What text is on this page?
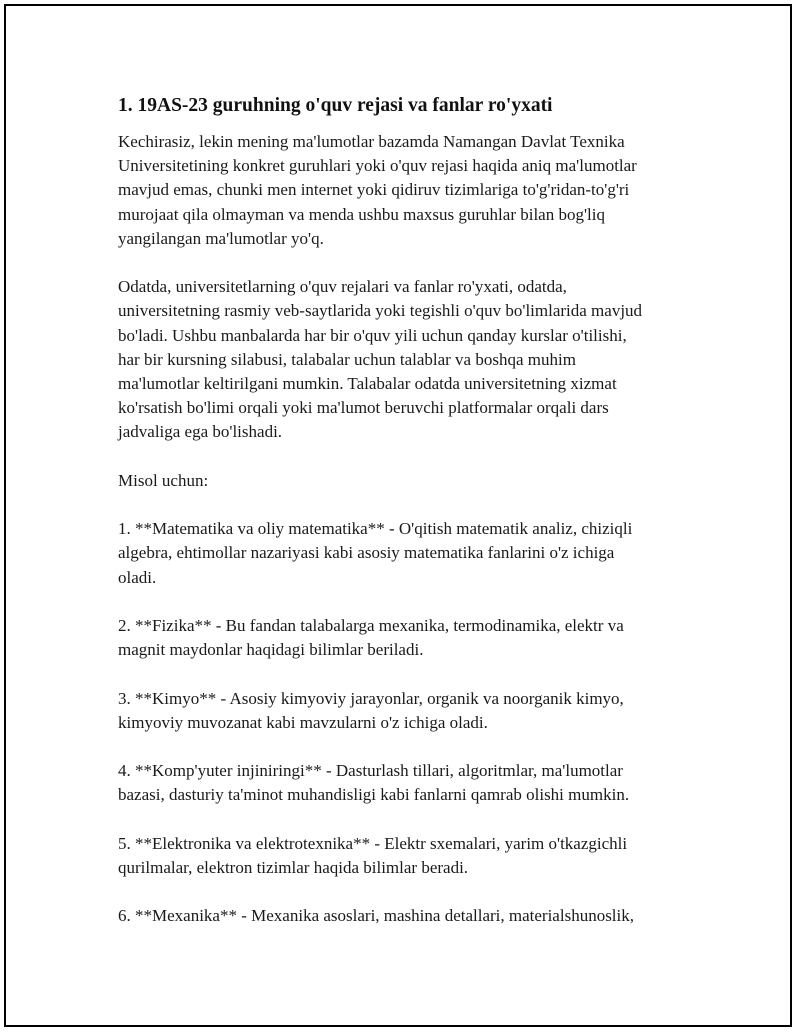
1. 19AS-23 guruhning o'quv rejasi va fanlar ro'yxati

Kechirasiz, lekin mening ma'lumotlar bazamda Namangan Davlat Texnika
Universitetining konkret guruhlari yoki o'quv rejasi haqida aniq ma'lumotlar
mavjud emas, chunki men internet yoki qidiruv tizimlariga to'g'ridan-to'g'ri
murojaat qila olmayman va menda ushbu maxsus guruhlar bilan bog'liq
yangilangan ma'lumotlar yo'q.

Odatda, universitetlarning o'quv rejalari va fanlar ro'yxati, odatda,
universitetning rasmiy veb-saytlarida yoki tegishli o'quv bo'limlarida mavjud
bo'ladi. Ushbu manbalarda har bir o'quv yili uchun qanday kurslar o'tilishi,
har bir kursning silabusi, talabalar uchun talablar va boshqa muhim
ma'lumotlar keltirilgani mumkin. Talabalar odatda universitetning xizmat
ko'rsatish bo'limi orqali yoki ma'lumot beruvchi platformalar orqali dars
jadvaliga ega bo'lishadi.

Misol uchun:

1. **Matematika va oliy matematika** - O'qitish matematik analiz, chiziqli
algebra, ehtimollar nazariyasi kabi asosiy matematika fanlarini o'z ichiga
oladi.

2. **Fizika** - Bu fandan talabalarga mexanika, termodinamika, elektr va
magnit maydonlar haqidagi bilimlar beriladi.

3. **Kimyo** - Asosiy kimyoviy jarayonlar, organik va noorganik kimyo,
kimyoviy muvozanat kabi mavzularni o'z ichiga oladi.

4. **Komp'yuter injiniringi** - Dasturlash tillari, algoritmlar, ma'lumotlar
bazasi, dasturiy ta'minot muhandisligi kabi fanlarni qamrab olishi mumkin.

5. **Elektronika va elektrotexnika** - Elektr sxemalari, yarim o'tkazgichli
qurilmalar, elektron tizimlar haqida bilimlar beradi.

6. **Mexanika** - Mexanika asoslari, mashina detallari, materialshunoslik,
